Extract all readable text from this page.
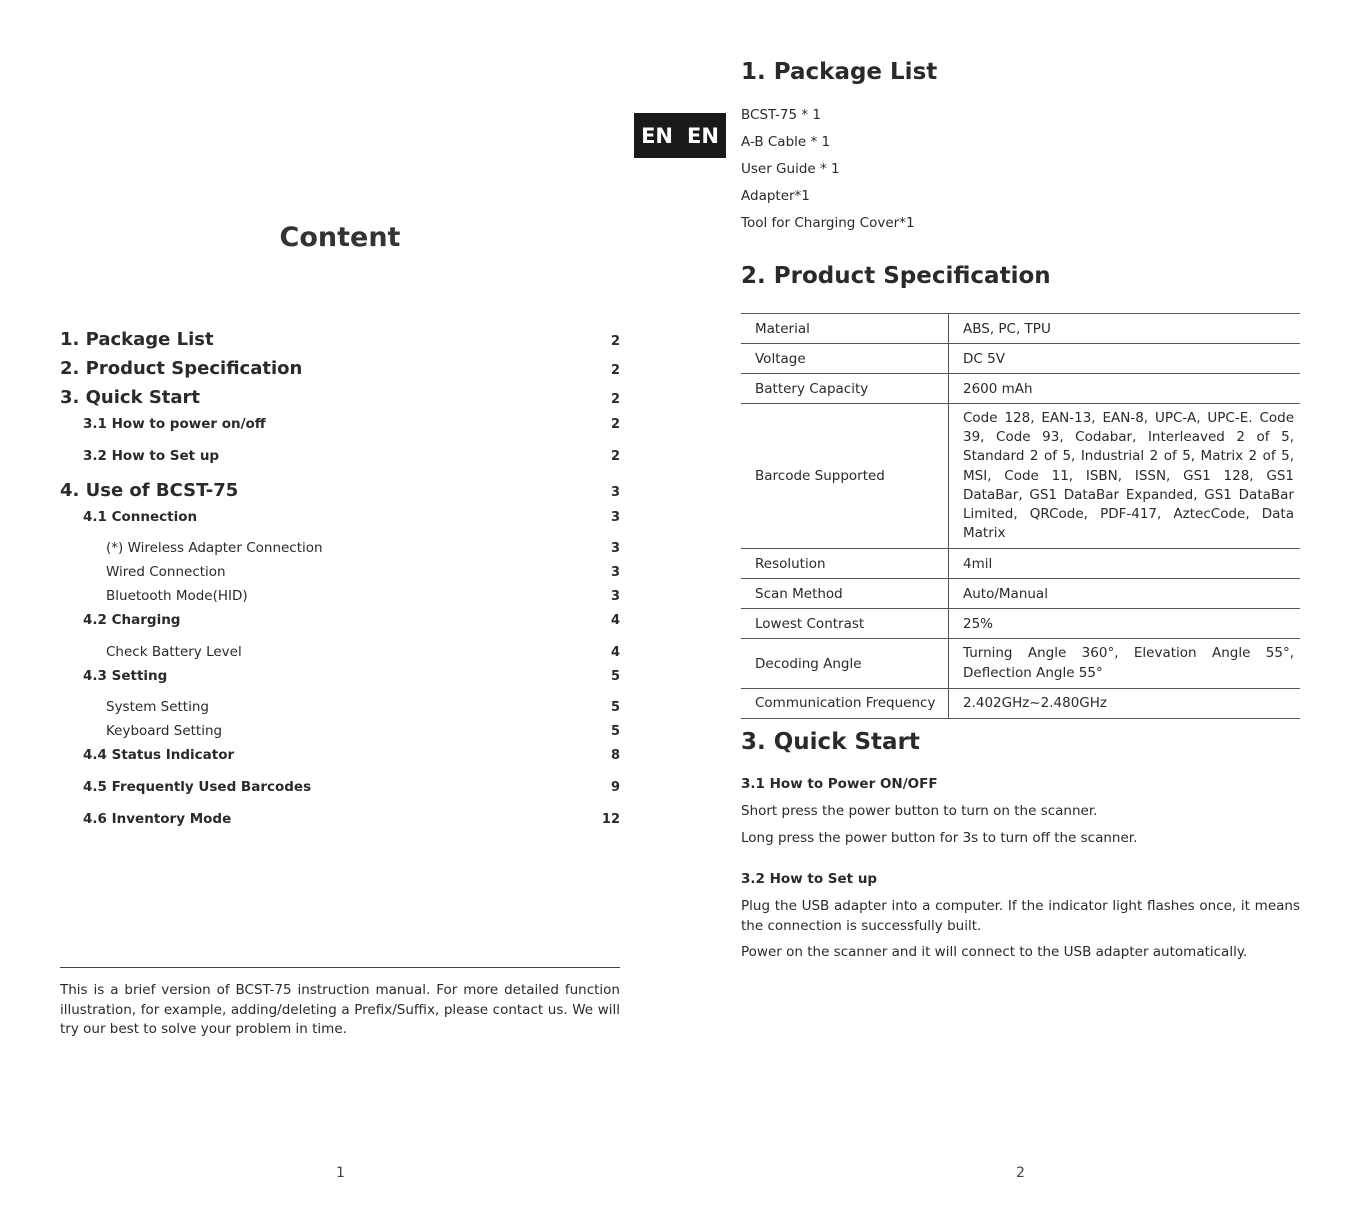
EN EN
Content
1. Package List	2
2. Product Specification	2
3. Quick Start	2
3.1 How to power on/off	2
3.2 How to Set up	2
4. Use of BCST-75	3
4.1 Connection	3
(*) Wireless Adapter Connection	3
Wired Connection	3
Bluetooth Mode(HID)	3
4.2 Charging	4
Check Battery Level	4
4.3 Setting	5
System Setting	5
Keyboard Setting	5
4.4 Status Indicator	8
4.5 Frequently Used Barcodes	9
4.6 Inventory Mode	12
This is a brief version of BCST-75 instruction manual. For more detailed function illustration, for example, adding/deleting a Prefix/Suffix, please contact us. We will try our best to solve your problem in time.
1
1. Package List
BCST-75 * 1
A-B Cable * 1
User Guide * 1
Adapter*1
Tool for Charging Cover*1
2. Product Specification
Material	ABS, PC, TPU
Voltage	DC 5V
Battery Capacity	2600 mAh
Barcode Supported	Code 128, EAN-13, EAN-8, UPC-A, UPC-E. Code 39, Code 93, Codabar, Interleaved 2 of 5, Standard 2 of 5, Industrial 2 of 5, Matrix 2 of 5, MSI, Code 11, ISBN, ISSN, GS1 128, GS1 DataBar, GS1 DataBar Expanded, GS1 DataBar Limited, QRCode, PDF-417, AztecCode, Data Matrix
Resolution	4mil
Scan Method	Auto/Manual
Lowest Contrast	25%
Decoding Angle	Turning Angle 360°, Elevation Angle 55°, Deflection Angle 55°
Communication Frequency	2.402GHz~2.480GHz
3. Quick Start
3.1 How to Power ON/OFF
Short press the power button to turn on the scanner.
Long press the power button for 3s to turn off the scanner.
3.2 How to Set up
Plug the USB adapter into a computer. If the indicator light flashes once, it means the connection is successfully built.
Power on the scanner and it will connect to the USB adapter automatically.
2
